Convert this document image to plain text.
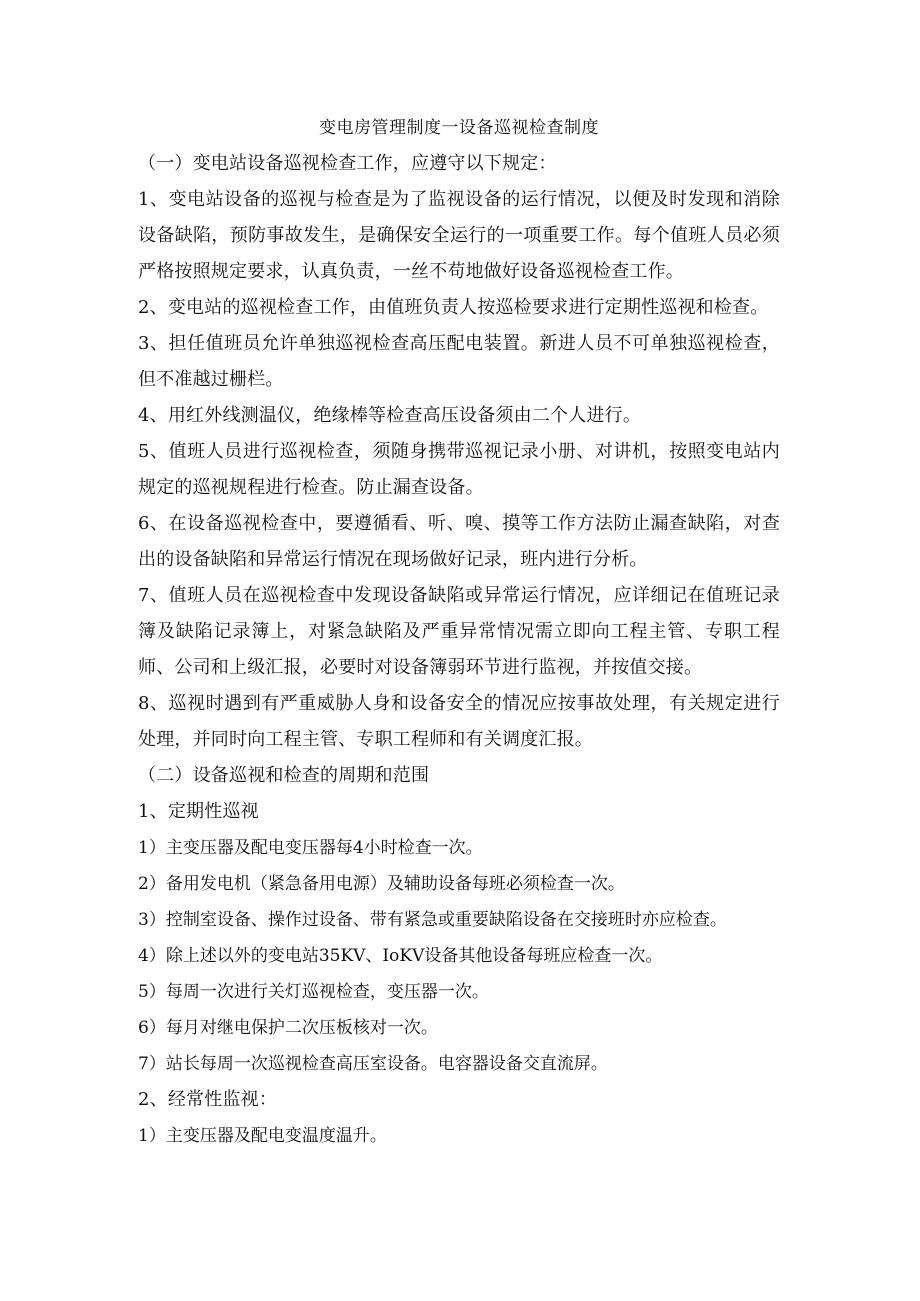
变电房管理制度一设备巡视检查制度

（一）变电站设备巡视检查工作，应遵守以下规定：

1、变电站设备的巡视与检查是为了监视设备的运行情况，以便及时发现和消除设备缺陷，预防事故发生，是确保安全运行的一项重要工作。每个值班人员必须严格按照规定要求，认真负责，一丝不苟地做好设备巡视检查工作。

2、变电站的巡视检查工作，由值班负责人按巡检要求进行定期性巡视和检查。

3、担任值班员允许单独巡视检查高压配电装置。新进人员不可单独巡视检查，但不准越过栅栏。

4、用红外线测温仪，绝缘棒等检查高压设备须由二个人进行。

5、值班人员进行巡视检查，须随身携带巡视记录小册、对讲机，按照变电站内规定的巡视规程进行检查。防止漏查设备。

6、在设备巡视检查中，要遵循看、听、嗅、摸等工作方法防止漏查缺陷，对查出的设备缺陷和异常运行情况在现场做好记录，班内进行分析。

7、值班人员在巡视检查中发现设备缺陷或异常运行情况，应详细记在值班记录簿及缺陷记录簿上，对紧急缺陷及严重异常情况需立即向工程主管、专职工程师、公司和上级汇报，必要时对设备簿弱环节进行监视，并按值交接。

8、巡视时遇到有严重威胁人身和设备安全的情况应按事故处理，有关规定进行处理，并同时向工程主管、专职工程师和有关调度汇报。

（二）设备巡视和检查的周期和范围

1、定期性巡视

1）主变压器及配电变压器每4小时检查一次。

2）备用发电机（紧急备用电源）及辅助设备每班必须检查一次。

3）控制室设备、操作过设备、带有紧急或重要缺陷设备在交接班时亦应检查。

4）除上述以外的变电站35KV、IoKV设备其他设备每班应检查一次。

5）每周一次进行关灯巡视检查，变压器一次。

6）每月对继电保护二次压板核对一次。

7）站长每周一次巡视检查高压室设备。电容器设备交直流屏。

2、经常性监视：

1）主变压器及配电变温度温升。
